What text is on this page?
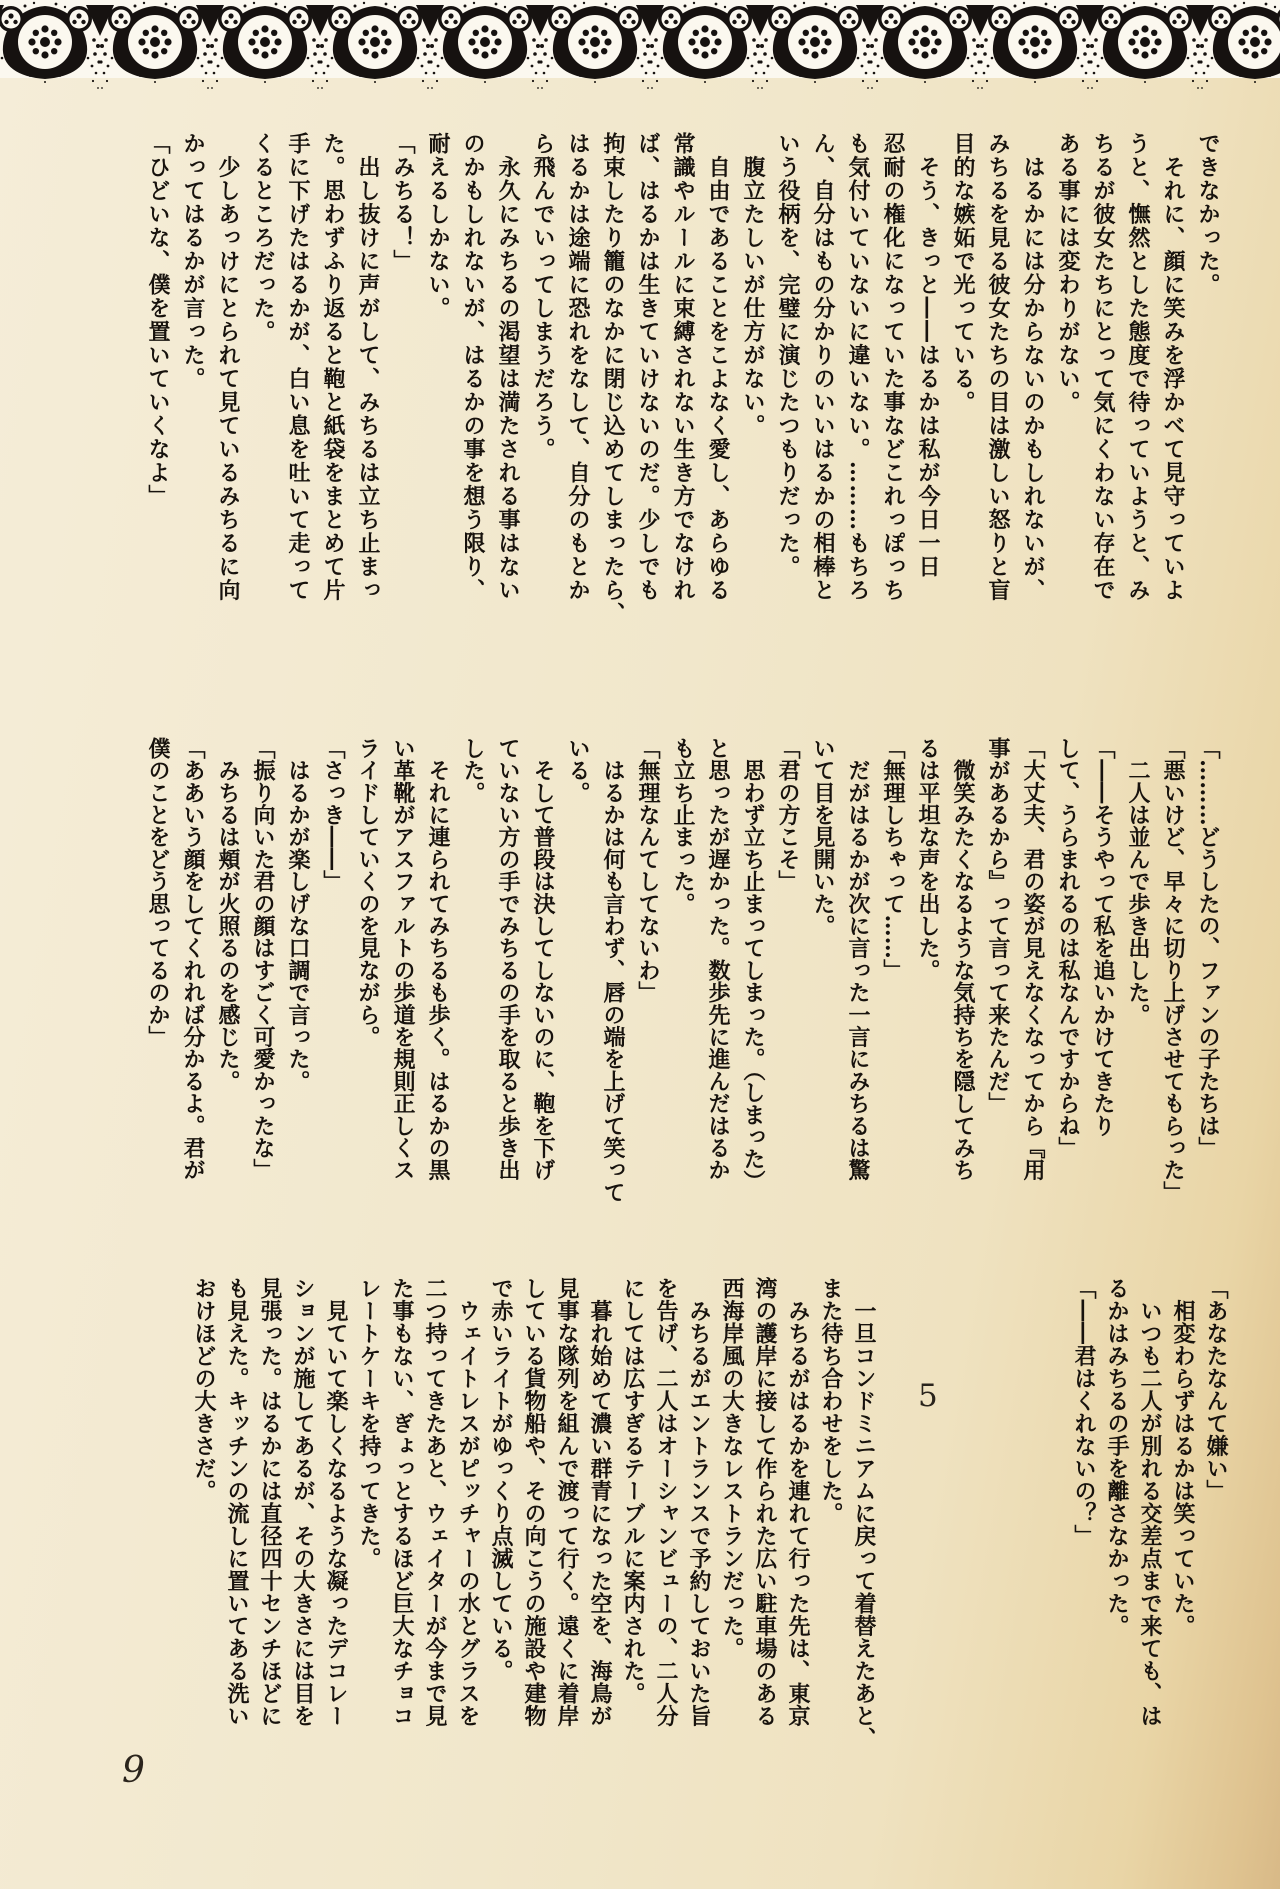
できなかった。
　それに、顔に笑みを浮かべて見守っていよ
うと、憮然とした態度で待っていようと、み
ちるが彼女たちにとって気にくわない存在で
ある事には変わりがない。
　はるかには分からないのかもしれないが、
みちるを見る彼女たちの目は激しい怒りと盲
目的な嫉妬で光っている。
　そう、きっと――はるかは私が今日一日
忍耐の権化になっていた事などこれっぽっち
も気付いていないに違いない。………もちろ
ん、自分はもの分かりのいいはるかの相棒と
いう役柄を、完璧に演じたつもりだった。
　腹立たしいが仕方がない。
　自由であることをこよなく愛し、あらゆる
常識やルールに束縛されない生き方でなけれ
ば、はるかは生きていけないのだ。少しでも
拘束したり籠のなかに閉じ込めてしまったら、
はるかは途端に恐れをなして、自分のもとか
ら飛んでいってしまうだろう。
　永久にみちるの渇望は満たされる事はない
のかもしれないが、はるかの事を想う限り、
耐えるしかない。
「みちる！」
　出し抜けに声がして、みちるは立ち止まっ
た。思わずふり返ると鞄と紙袋をまとめて片
手に下げたはるかが、白い息を吐いて走って
くるところだった。
　少しあっけにとられて見ているみちるに向
かってはるかが言った。
「ひどいな、僕を置いていくなよ」
「………どうしたの、ファンの子たちは」
「悪いけど、早々に切り上げさせてもらった」
　二人は並んで歩き出した。
「――そうやって私を追いかけてきたり
して、うらまれるのは私なんですからね」
「大丈夫、君の姿が見えなくなってから『用
事があるから』って言って来たんだ」
　微笑みたくなるような気持ちを隠してみち
るは平坦な声を出した。
「無理しちゃって……」
　だがはるかが次に言った一言にみちるは驚
いて目を見開いた。
「君の方こそ」
　思わず立ち止まってしまった。（しまった）
と思ったが遅かった。数歩先に進んだはるか
も立ち止まった。
「無理なんてしてないわ」
　はるかは何も言わず、唇の端を上げて笑って
いる。
　そして普段は決してしないのに、鞄を下げ
ていない方の手でみちるの手を取ると歩き出
した。
　それに連られてみちるも歩く。はるかの黒
い革靴がアスファルトの歩道を規則正しくス
ライドしていくのを見ながら。
「さっき――」
　はるかが楽しげな口調で言った。
「振り向いた君の顔はすごく可愛かったな」
　みちるは頬が火照るのを感じた。
「ああいう顔をしてくれれば分かるよ。君が
僕のことをどう思ってるのか」
「あなたなんて嫌い」
　相変わらずはるかは笑っていた。
　いつも二人が別れる交差点まで来ても、は
るかはみちるの手を離さなかった。
「――君はくれないの？」
5
　一旦コンドミニアムに戻って着替えたあと、
また待ち合わせをした。
　みちるがはるかを連れて行った先は、東京
湾の護岸に接して作られた広い駐車場のある
西海岸風の大きなレストランだった。
　みちるがエントランスで予約しておいた旨
を告げ、二人はオーシャンビューの、二人分
にしては広すぎるテーブルに案内された。
　暮れ始めて濃い群青になった空を、海鳥が
見事な隊列を組んで渡って行く。遠くに着岸
している貨物船や、その向こうの施設や建物
で赤いライトがゆっくり点滅している。
　ウェイトレスがピッチャーの水とグラスを
二つ持ってきたあと、ウェイターが今まで見
た事もない、ぎょっとするほど巨大なチョコ
レートケーキを持ってきた。
　見ていて楽しくなるような凝ったデコレー
ションが施してあるが、その大きさには目を
見張った。はるかには直径四十センチほどに
も見えた。キッチンの流しに置いてある洗い
おけほどの大きさだ。
9
